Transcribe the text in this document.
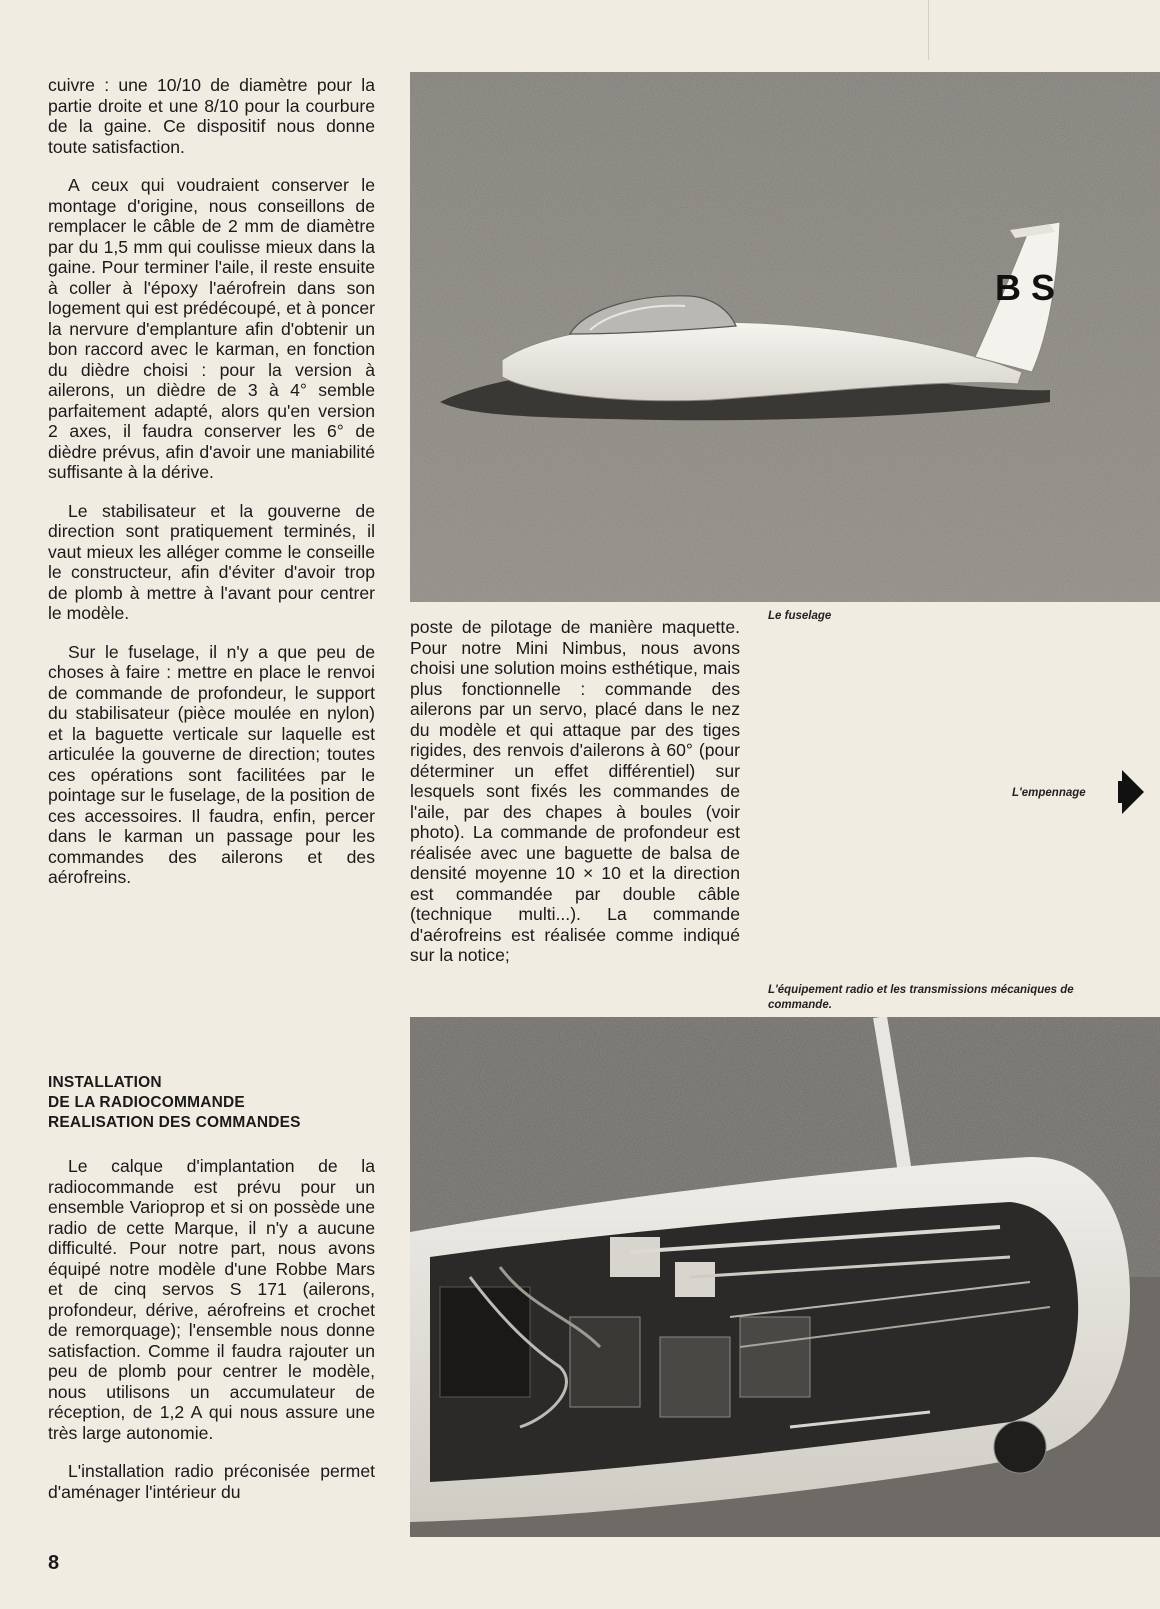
cuivre : une 10/10 de diamètre pour la partie droite et une 8/10 pour la courbure de la gaine. Ce dispositif nous donne toute satisfaction.

A ceux qui voudraient conserver le montage d'origine, nous conseillons de remplacer le câble de 2 mm de diamètre par du 1,5 mm qui coulisse mieux dans la gaine. Pour terminer l'aile, il reste ensuite à coller à l'époxy l'aérofrein dans son logement qui est prédécoupé, et à poncer la nervure d'emplanture afin d'obtenir un bon raccord avec le karman, en fonction du dièdre choisi : pour la version à ailerons, un dièdre de 3 à 4° semble parfaitement adapté, alors qu'en version 2 axes, il faudra conserver les 6° de dièdre prévus, afin d'avoir une maniabilité suffisante à la dérive.

Le stabilisateur et la gouverne de direction sont pratiquement terminés, il vaut mieux les alléger comme le conseille le constructeur, afin d'éviter d'avoir trop de plomb à mettre à l'avant pour centrer le modèle.

Sur le fuselage, il n'y a que peu de choses à faire : mettre en place le renvoi de commande de profondeur, le support du stabilisateur (pièce moulée en nylon) et la baguette verticale sur laquelle est articulée la gouverne de direction; toutes ces opérations sont facilitées par le pointage sur le fuselage, de la position de ces accessoires. Il faudra, enfin, percer dans le karman un passage pour les commandes des ailerons et des aérofreins.

INSTALLATION
DE LA RADIOCOMMANDE
REALISATION DES COMMANDES

Le calque d'implantation de la radiocommande est prévu pour un ensemble Varioprop et si on possède une radio de cette Marque, il n'y a aucune difficulté. Pour notre part, nous avons équipé notre modèle d'une Robbe Mars et de cinq servos S 171 (ailerons, profondeur, dérive, aérofreins et crochet de remorquage); l'ensemble nous donne satisfaction. Comme il faudra rajouter un peu de plomb pour centrer le modèle, nous utilisons un accumulateur de réception, de 1,2 A qui nous assure une très large autonomie.

L'installation radio préconisée permet d'aménager l'intérieur du

B S
Le fuselage

L'empennage

poste de pilotage de manière maquette. Pour notre Mini Nimbus, nous avons choisi une solution moins esthétique, mais plus fonctionnelle : commande des ailerons par un servo, placé dans le nez du modèle et qui attaque par des tiges rigides, des renvois d'ailerons à 60° (pour déterminer un effet différentiel) sur lesquels sont fixés les commandes de l'aile, par des chapes à boules (voir photo). La commande de profondeur est réalisée avec une baguette de balsa de densité moyenne 10 × 10 et la direction est commandée par double câble (technique multi...). La commande d'aérofreins est réalisée comme indiqué sur la notice;

L'équipement radio et les transmissions mécaniques de commande.
8
